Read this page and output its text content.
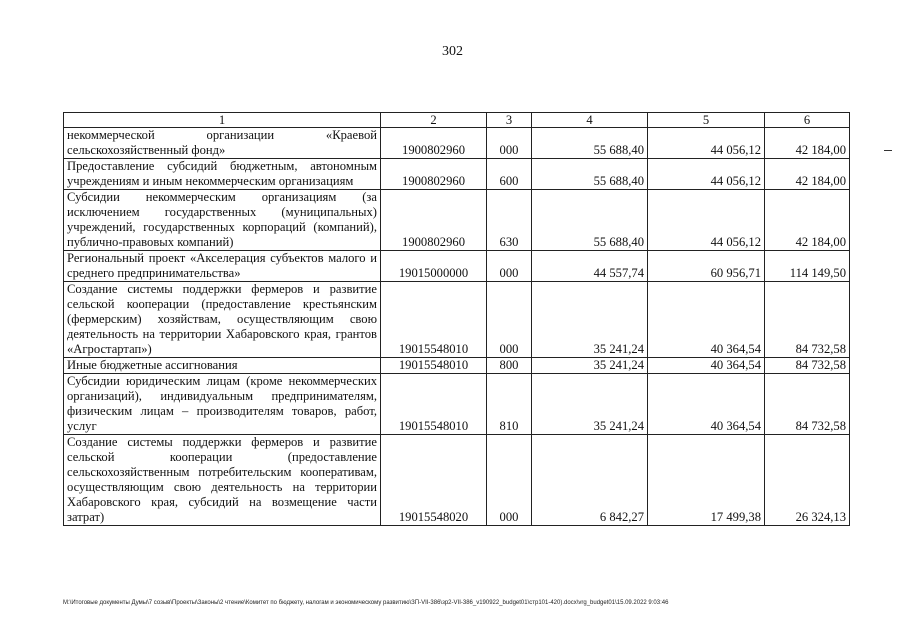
302
1	2	3	4	5	6
некоммерческой организации «Краевой сельскохозяйственный фонд»	1900802960	000	55 688,40	44 056,12	42 184,00
Предоставление субсидий бюджетным, автономным учреждениям и иным некоммерческим организациям	1900802960	600	55 688,40	44 056,12	42 184,00
Субсидии некоммерческим организациям (за исключением государственных (муниципальных) учреждений, государственных корпораций (компаний), публично-правовых компаний)	1900802960	630	55 688,40	44 056,12	42 184,00
Региональный проект «Акселерация субъектов малого и среднего предпринимательства»	19015000000	000	44 557,74	60 956,71	114 149,50
Создание системы поддержки фермеров и развитие сельской кооперации (предоставление крестьянским (фермерским) хозяйствам, осуществляющим свою деятельность на территории Хабаровского края, грантов «Агростартап»)	19015548010	000	35 241,24	40 364,54	84 732,58
Иные бюджетные ассигнования	19015548010	800	35 241,24	40 364,54	84 732,58
Субсидии юридическим лицам (кроме некоммерческих организаций), индивидуальным предпринимателям, физическим лицам – производителям товаров, работ, услуг	19015548010	810	35 241,24	40 364,54	84 732,58
Создание системы поддержки фермеров и развитие сельской кооперации (предоставление сельскохозяйственным потребительским кооперативам, осуществляющим свою деятельность на территории Хабаровского края, субсидий на возмещение части затрат)	19015548020	000	6 842,27	17 499,38	26 324,13
M:\Итоговые документы Думы\7 созыв\Проекты\Законы\2 чтение\Комитет по бюджету, налогам и экономическому развитию\ЗП-VII-386\зр2-VII-386_v190922_budget01\стр101-420).docx\vrg_budget01\15.09.2022 9:03:46
